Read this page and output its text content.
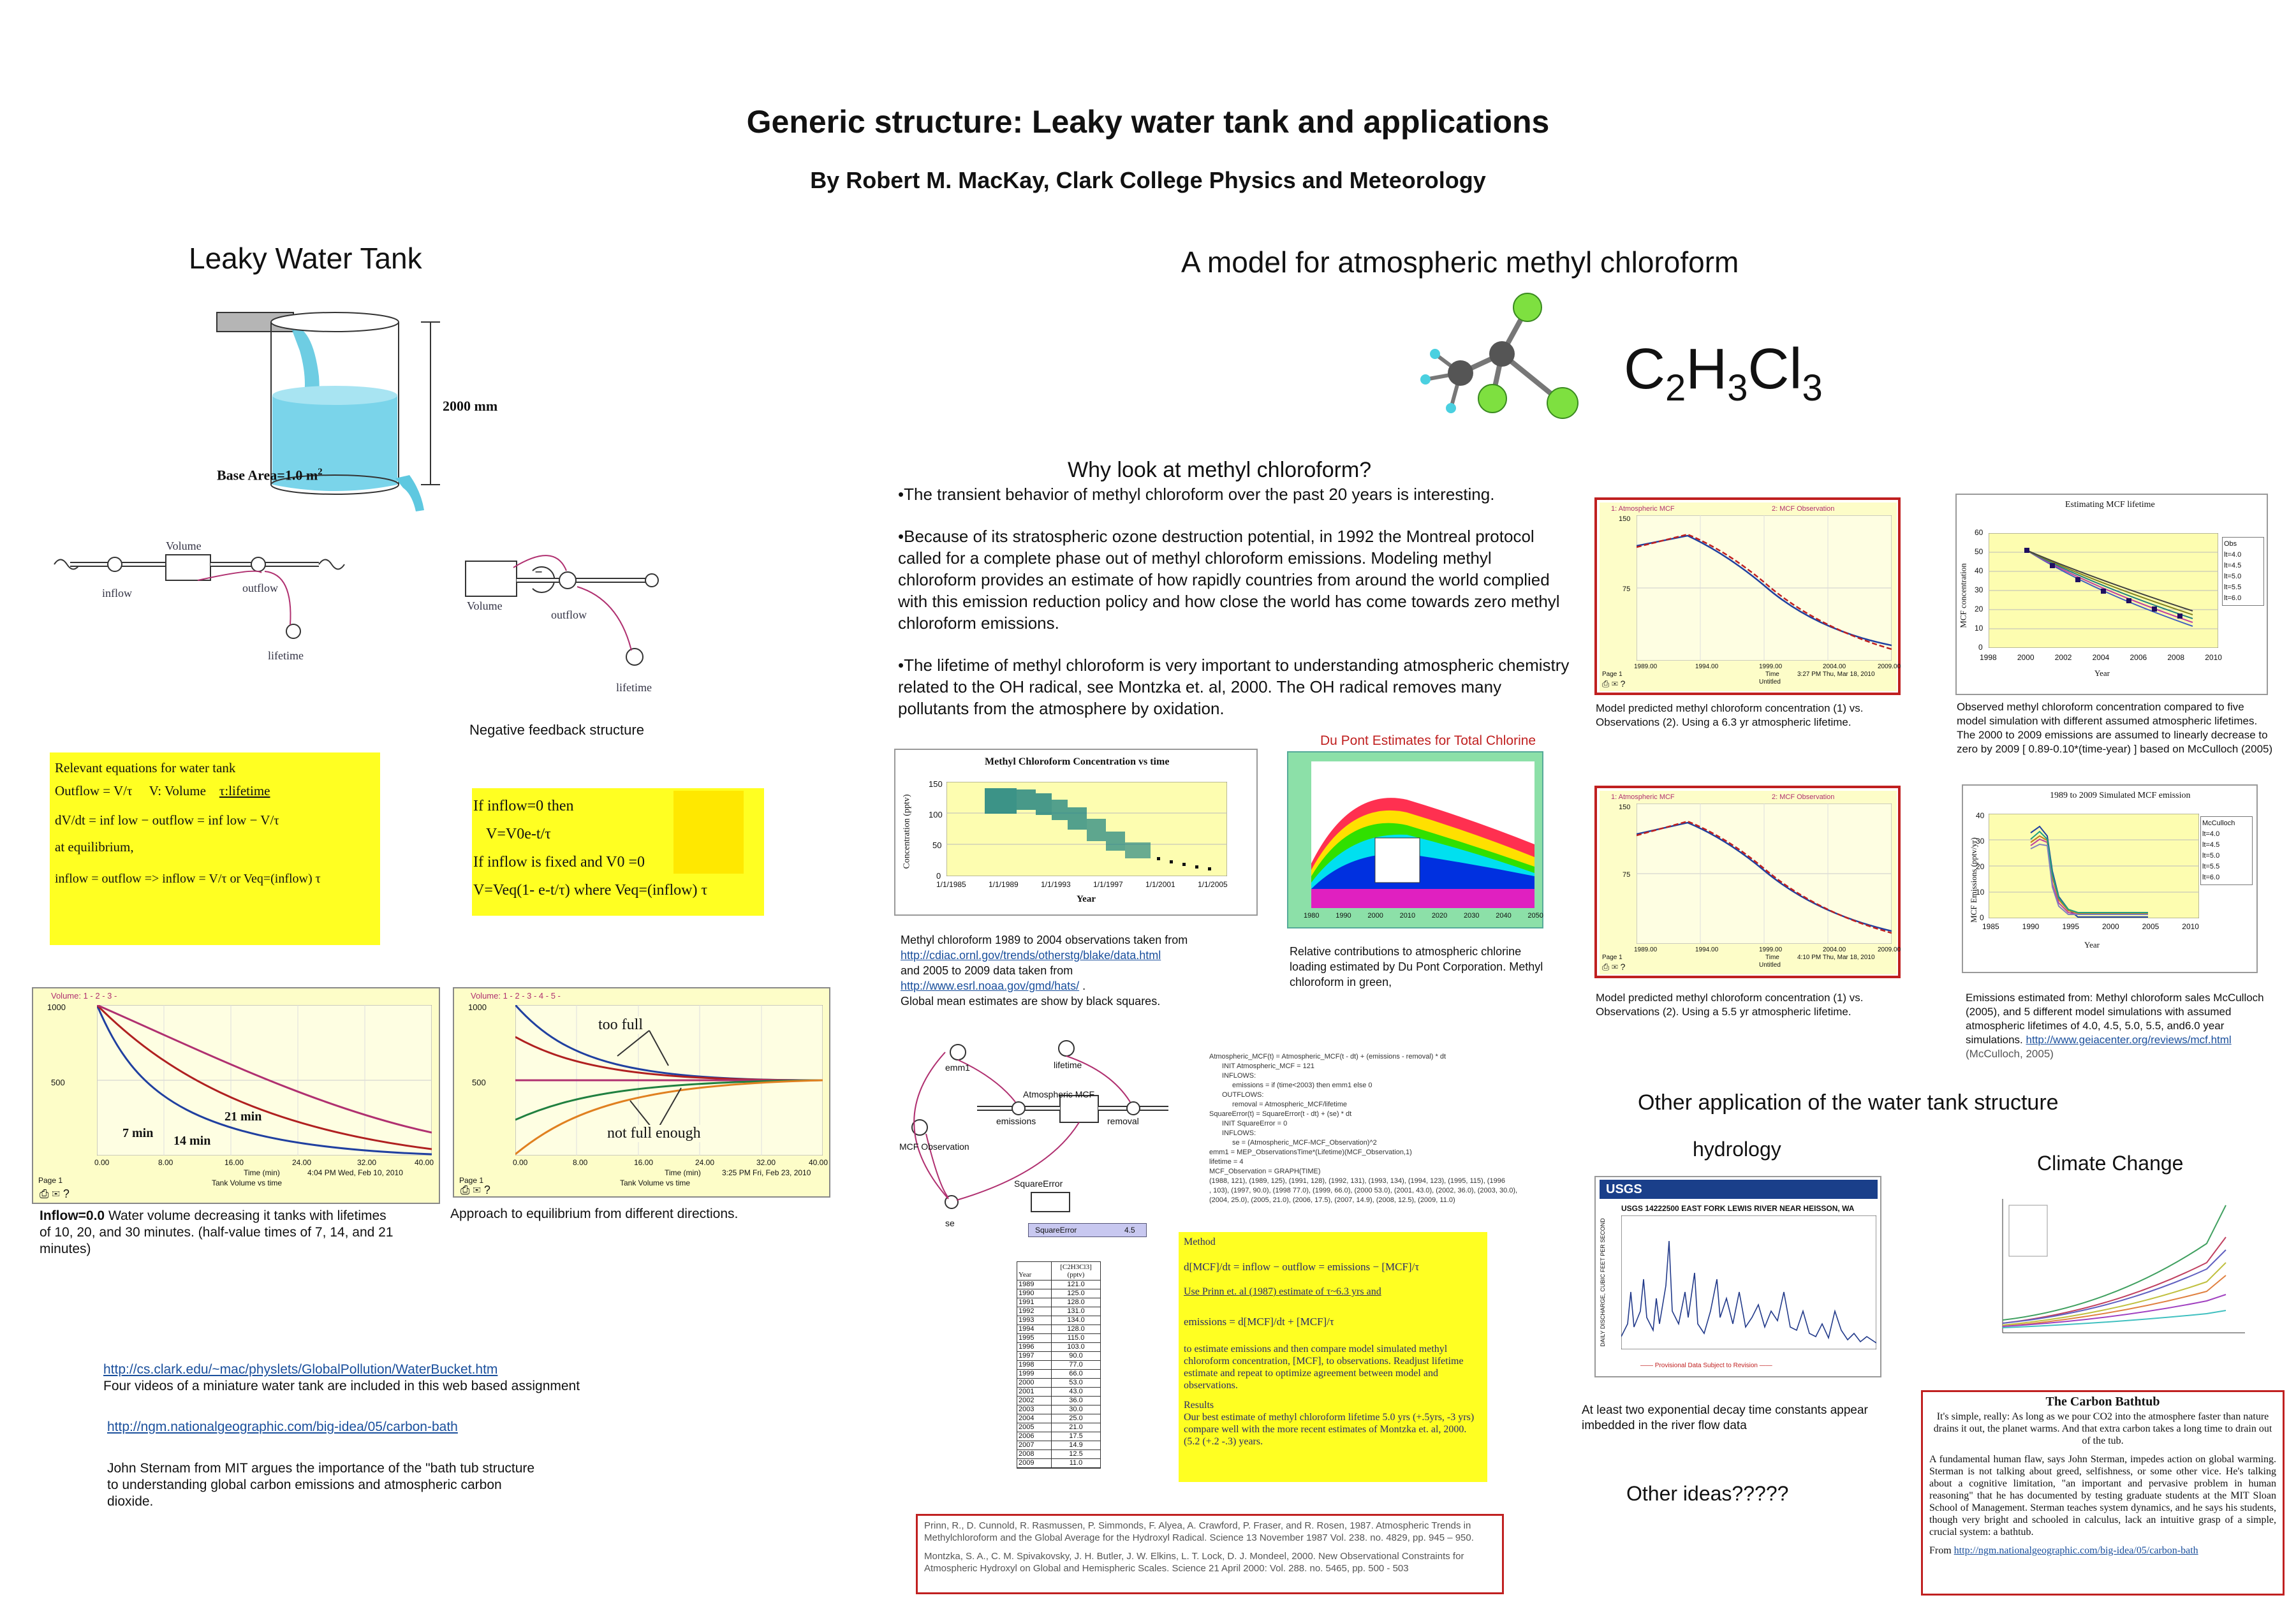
Generic structure: Leaky water tank and applications
By Robert M. MacKay, Clark College Physics and Meteorology
Leaky Water Tank
2000 mm
Base Area=1.0 $m^2$
Volume
inflow	outflow
lifetime
−
Volume
outflow
lifetime
Negative feedback structure
Relevant equations for water tank
Outflow = V/τ V: Volume τ:lifetime
dV/dt = inf low − outflow = inf low − V/τ
at equilibrium,
inflow = outflow => inflow = V/τ or Veq=(inflow) τ
If inflow=0 then
V=V0e-t/τ
If inflow is fixed and V0 =0
V=Veq(1- e-t/τ) where Veq=(inflow) τ
Volume: 1 - 2 - 3 -
1000
500
7 min
14 min
21 min
0.00	8.00	16.00	24.00	32.00	40.00
Time (min)	4:04 PM Wed, Feb 10, 2010
Page 1	Tank Volume vs time
⎙ ✉ ?
Inflow=0.0 Water volume decreasing it tanks with lifetimes of 10, 20, and 30 minutes. (half-value times of 7, 14, and 21 minutes)
Volume: 1 - 2 - 3 - 4 - 5 -
1000
500
too full
not full enough
0.00	8.00	16.00	24.00	32.00	40.00
Time (min)	3:25 PM Fri, Feb 23, 2010
Page 1	Tank Volume vs time
⎙ ✉ ?
Approach to equilibrium from different directions.
http://cs.clark.edu/~mac/physlets/GlobalPollution/WaterBucket.htm
Four videos of a miniature water tank are included in this web based assignment
http://ngm.nationalgeographic.com/big-idea/05/carbon-bath
John Sternam from MIT argues the importance of the "bath tub structure to understanding global carbon emissions and atmospheric carbon dioxide.
A model for atmospheric methyl chloroform
$C_2H_3Cl_3$
Why look at methyl chloroform?

•The transient behavior of methyl chloroform over the past 20 years is interesting.

•Because of its stratospheric ozone destruction potential, in 1992 the Montreal protocol called for a complete phase out of methyl chloroform emissions. Modeling methyl chloroform provides an estimate of how rapidly countries from around the world complied with this emission reduction policy and how close the world has come towards zero methyl chloroform emissions.

•The lifetime of methyl chloroform is very important to understanding atmospheric chemistry related to the OH radical, see Montzka et. al, 2000. The OH radical removes many pollutants from the atmosphere by oxidation.

Methyl Chloroform Concentration vs time
Concentration (pptv)
150
100
50
0
1/1/1985	1/1/1989	1/1/1993	1/1/1997	1/1/2001	1/1/2005
Year
Methyl chloroform 1989 to 2004 observations taken from
http://cdiac.ornl.gov/trends/otherstg/blake/data.html
and 2005 to 2009 data taken from
http://www.esrl.noaa.gov/gmd/hats/ .
Global mean estimates are show by black squares.
Du Pont Estimates for Total Chlorine
1980 1990 2000 2010 2020 2030 2040 2050
Relative contributions to atmospheric chlorine loading estimated by Du Pont Corporation. Methyl chloroform in green,
emm1	lifetime
Atmospheric MCF
emissions	removal
MCF Observation
SquareError
se
SquareError	4.5
Atmospheric_MCF(t) = Atmospheric_MCF(t - dt) + (emissions - removal) * dt
INIT Atmospheric_MCF = 121
INFLOWS:
emissions = if (time<2003) then emm1 else 0
OUTFLOWS:
removal = Atmospheric_MCF/lifetime
SquareError(t) = SquareError(t - dt) + (se) * dt
INIT SquareError = 0
INFLOWS:
se = (Atmospheric_MCF-MCF_Observation)^2
emm1 = MEP_ObservationsTime*(Lifetime)(MCF_Observation,1)
lifetime = 4
MCF_Observation = GRAPH(TIME)
(1988, 121), (1989, 125), (1991, 128), (1992, 131), (1993, 134), (1994, 123), (1995, 115), (1996
, 103), (1997, 90.0), (1998 77.0), (1999, 66.0), (2000 53.0), (2001, 43.0), (2002, 36.0), (2003, 30.0),
(2004, 25.0), (2005, 21.0), (2006, 17.5), (2007, 14.9), (2008, 12.5), (2009, 11.0)

Year
[C2H3Cl3]
(pptv)
1989	121.0
1990	125.0
1991	128.0
1992	131.0
1993	134.0
1994	128.0
1995	115.0
1996	103.0
1997	90.0
1998	77.0
1999	66.0
2000	53.0
2001	43.0
2002	36.0
2003	30.0
2004	25.0
2005	21.0
2006	17.5
2007	14.9
2008	12.5
2009	11.0
Method
d[MCF]/dt = inflow − outflow = emissions − [MCF]/τ
Use Prinn et. al (1987) estimate of τ~6.3 yrs and
emissions = d[MCF]/dt + [MCF]/τ
to estimate emissions and then compare model simulated methyl chloroform concentration, [MCF], to observations. Readjust lifetime estimate and repeat to optimize agreement between model and observations.
Results
Our best estimate of methyl chloroform lifetime 5.0 yrs (+.5yrs, -3 yrs) compare well with the more recent estimates of Montzka et. al, 2000. (5.2 (+.2 -.3) years.

Prinn, R., D. Cunnold, R. Rasmussen, P. Simmonds, F. Alyea, A. Crawford, P. Fraser, and R. Rosen, 1987. Atmospheric Trends in Methylchloroform and the Global Average for the Hydroxyl Radical. Science 13 November 1987 Vol. 238. no. 4829, pp. 945 – 950.

Montzka, S. A., C. M. Spivakovsky, J. H. Butler, J. W. Elkins, L. T. Lock, D. J. Mondeel, 2000. New Observational Constraints for Atmospheric Hydroxyl on Global and Hemispheric Scales. Science 21 April 2000: Vol. 288. no. 5465, pp. 500 - 503

1: Atmospheric MCF	2: MCF Observation
150
75
1989.00	1994.00	1999.00	2004.00	2009.00
Time	3:27 PM Thu, Mar 18, 2010
Untitled
Page 1
⎙ ✉ ?
Model predicted methyl chloroform concentration (1) vs. Observations (2). Using a 6.3 yr atmospheric lifetime.
Estimating MCF lifetime
MCF concentration
60
50
40
30
20
10
0
Obs
lt=4.0
lt=4.5
lt=5.0
lt=5.5
lt=6.0
1998	2000	2002	2004	2006	2008	2010
Year
Observed methyl chloroform concentration compared to five model simulation with different assumed atmospheric lifetimes. The 2000 to 2009 emissions are assumed to linearly decrease to zero by 2009 [ 0.89-0.10*(time-year) ] based on McCulloch (2005)
1: Atmospheric MCF	2: MCF Observation
150
75
1989.00	1994.00	1999.00	2004.00	2009.00
Time	4:10 PM Thu, Mar 18, 2010
Untitled
Page 1
⎙ ✉ ?
Model predicted methyl chloroform concentration (1) vs. Observations (2). Using a 5.5 yr atmospheric lifetime.
1989 to 2009 Simulated MCF emission
MCF Emissions (pptv/yr)
40
30
20
10
0
McCulloch
lt=4.0
lt=4.5
lt=5.0
lt=5.5
lt=6.0
1985	1990	1995	2000	2005	2010
Year
Emissions estimated from: Methyl chloroform sales McCulloch (2005), and 5 different model simulations with assumed atmospheric lifetimes of 4.0, 4.5, 5.0, 5.5, and6.0 year simulations. http://www.geiacenter.org/reviews/mcf.html (McCulloch, 2005)
Other application of the water tank structure
hydrology
USGS
USGS 14222500 EAST FORK LEWIS RIVER NEAR HEISSON, WA
DAILY DISCHARGE, CUBIC FEET PER SECOND
—— Provisional Data Subject to Revision ——
At least two exponential decay time constants appear imbedded in the river flow data
Climate Change
Other ideas?????
The Carbon Bathtub

It's simple, really: As long as we pour CO2 into the atmosphere faster than nature drains it out, the planet warms. And that extra carbon takes a long time to drain out of the tub.

A fundamental human flaw, says John Sterman, impedes action on global warming. Sterman is not talking about greed, selfishness, or some other vice. He's talking about a cognitive limitation, "an important and pervasive problem in human reasoning" that he has documented by testing graduate students at the MIT Sloan School of Management. Sterman teaches system dynamics, and he says his students, though very bright and schooled in calculus, lack an intuitive grasp of a simple, crucial system: a bathtub.

From http://ngm.nationalgeographic.com/big-idea/05/carbon-bath
